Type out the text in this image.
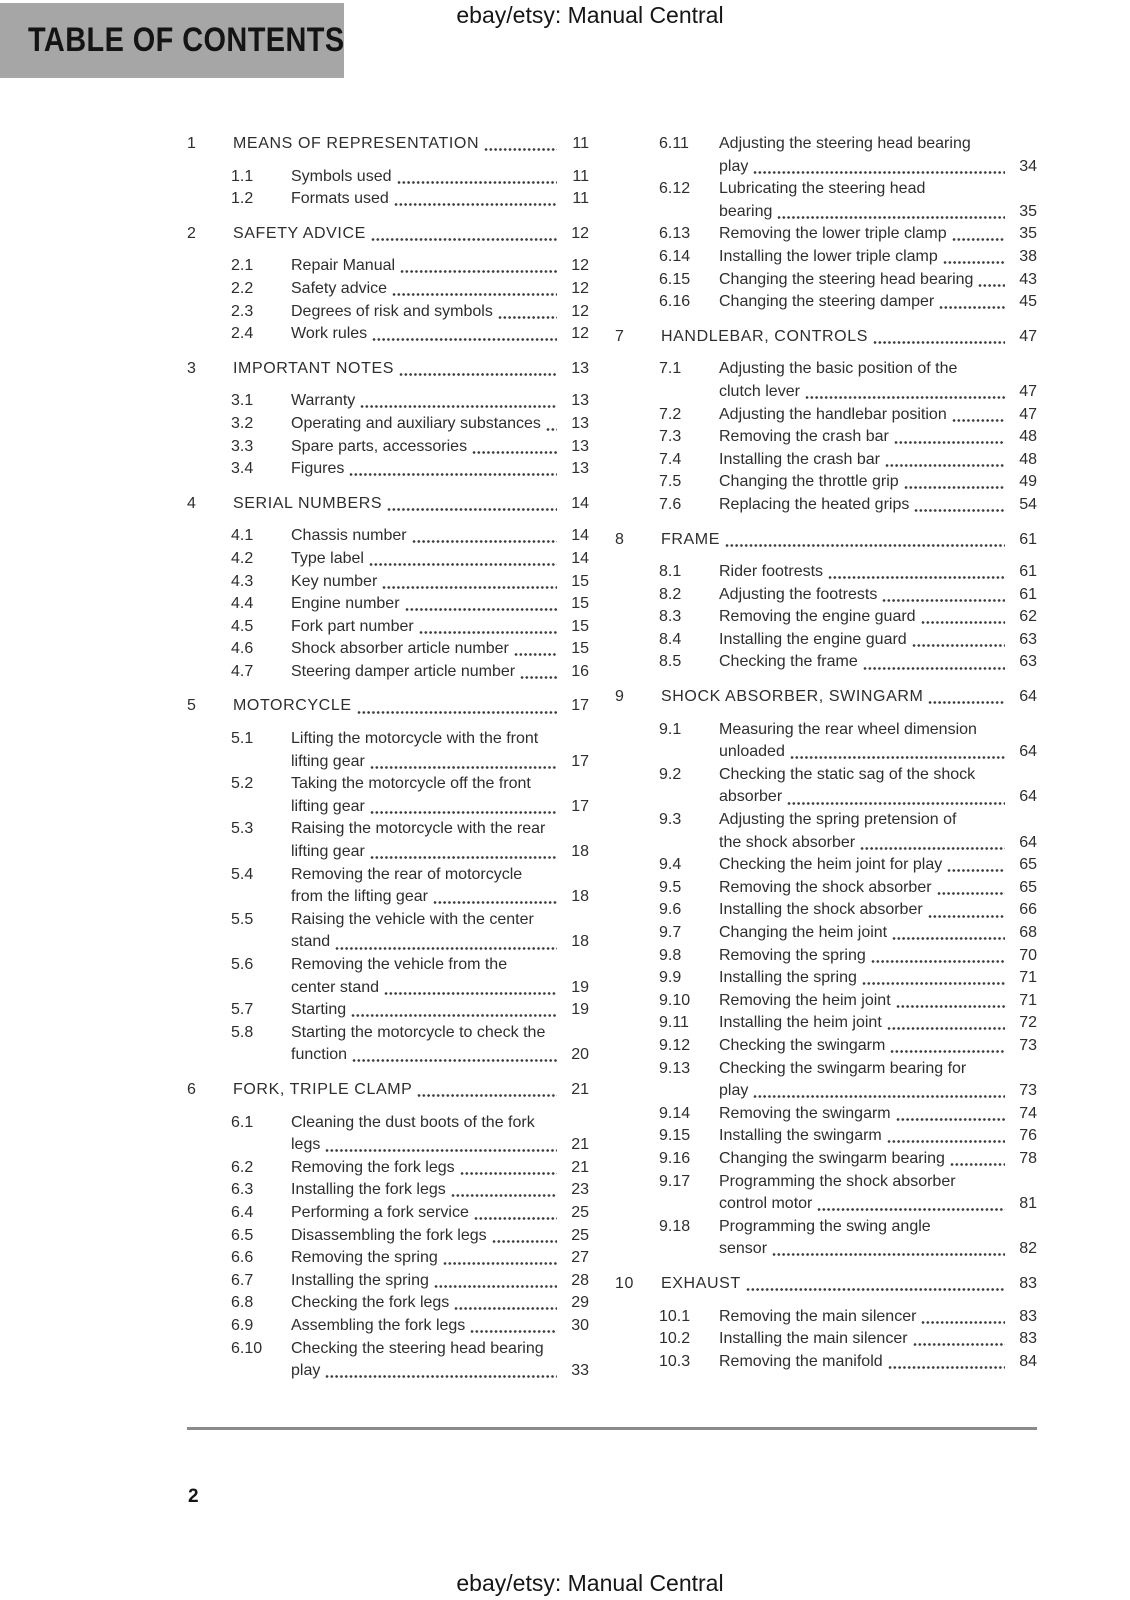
ebay/etsy: Manual Central
TABLE OF CONTENTS
1	MEANS OF REPRESENTATION	11
1.1	Symbols used	11
1.2	Formats used	11
2	SAFETY ADVICE	12
2.1	Repair Manual	12
2.2	Safety advice	12
2.3	Degrees of risk and symbols	12
2.4	Work rules	12
3	IMPORTANT NOTES	13
3.1	Warranty	13
3.2	Operating and auxiliary substances 13
3.3	Spare parts, accessories	13
3.4	Figures	13
4	SERIAL NUMBERS	14
4.1	Chassis number	14
4.2	Type label	14
4.3	Key number	15
4.4	Engine number	15
4.5	Fork part number	15
4.6	Shock absorber article number	15
4.7	Steering damper article number	16
5	MOTORCYCLE	17
5.1	Lifting the motorcycle with the front
lifting gear	17
5.2	Taking the motorcycle off the front
lifting gear	17
5.3	Raising the motorcycle with the rear
lifting gear	18
5.4	Removing the rear of motorcycle
from the lifting gear	18
5.5	Raising the vehicle with the center
stand	18
5.6	Removing the vehicle from the
center stand	19
5.7	Starting	19
5.8	Starting the motorcycle to check the
function	20
6	FORK, TRIPLE CLAMP	21
6.1	Cleaning the dust boots of the fork
legs	21
6.2	Removing the fork legs	21
6.3	Installing the fork legs	23
6.4	Performing a fork service	25
6.5	Disassembling the fork legs	25
6.6	Removing the spring	27
6.7	Installing the spring	28
6.8	Checking the fork legs	29
6.9	Assembling the fork legs	30
6.10	Checking the steering head bearing
play	33
6.11	Adjusting the steering head bearing
play	34
6.12	Lubricating the steering head
bearing	35
6.13	Removing the lower triple clamp	35
6.14	Installing the lower triple clamp	38
6.15	Changing the steering head bearing	43
6.16	Changing the steering damper	45
7	HANDLEBAR, CONTROLS	47
7.1	Adjusting the basic position of the
clutch lever	47
7.2	Adjusting the handlebar position	47
7.3	Removing the crash bar	48
7.4	Installing the crash bar	48
7.5	Changing the throttle grip	49
7.6	Replacing the heated grips	54
8	FRAME	61
8.1	Rider footrests	61
8.2	Adjusting the footrests	61
8.3	Removing the engine guard	62
8.4	Installing the engine guard	63
8.5	Checking the frame	63
9	SHOCK ABSORBER, SWINGARM	64
9.1	Measuring the rear wheel dimension
unloaded	64
9.2	Checking the static sag of the shock
absorber	64
9.3	Adjusting the spring pretension of
the shock absorber	64
9.4	Checking the heim joint for play	65
9.5	Removing the shock absorber	65
9.6	Installing the shock absorber	66
9.7	Changing the heim joint	68
9.8	Removing the spring	70
9.9	Installing the spring	71
9.10	Removing the heim joint	71
9.11	Installing the heim joint	72
9.12	Checking the swingarm	73
9.13	Checking the swingarm bearing for
play	73
9.14	Removing the swingarm	74
9.15	Installing the swingarm	76
9.16	Changing the swingarm bearing	78
9.17	Programming the shock absorber
control motor	81
9.18	Programming the swing angle
sensor	82
10	EXHAUST	83
10.1	Removing the main silencer	83
10.2	Installing the main silencer	83
10.3	Removing the manifold	84
2
ebay/etsy: Manual Central
